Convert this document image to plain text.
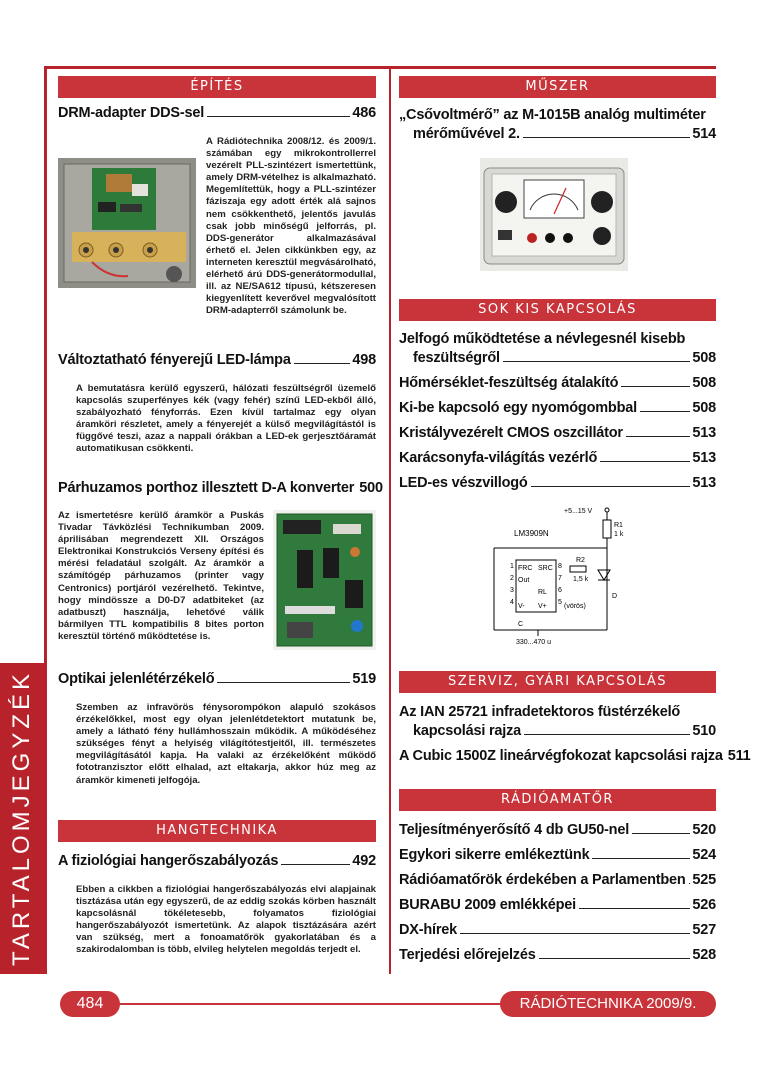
TARTALOMJEGYZÉK
ÉPÍTÉS
DRM-adapter DDS-sel	486
A Rádiótechnika 2008/12. és 2009/1. számában egy mikrokontrollerrel vezérelt PLL-szintézert ismertettünk, amely DRM-vételhez is alkalmazható. Megemlítettük, hogy a PLL-szintézer fáziszaja egy adott érték alá sajnos nem csökkenthető, jelentős javulás csak jobb minőségű jelforrás, pl. DDS-generátor alkalmazásával érhető el. Jelen cikkünkben egy, az interneten keresztül megvásárolható, elérhető árú DDS-generátormodullal, ill. az NE/SA612 típusú, kétszeresen kiegyenlített keverővel megvalósított DRM-adapterről számolunk be.
Változtatható fényerejű LED-lámpa	498
A bemutatásra kerülő egyszerű, hálózati feszültségről üzemelő kapcsolás szuperfényes kék (vagy fehér) színű LED-ekből álló, szabályozható fényforrás. Ezen kívül tartalmaz egy olyan áramköri részletet, amely a fényerejét a külső megvilágítástól is függővé teszi, azaz a nappali órákban a LED-ek gerjesztőáramát automatikusan csökkenti.
Párhuzamos porthoz illesztett D-A konverter 500
Az ismertetésre kerülő áramkör a Puskás Tivadar Távközlési Technikumban 2009. áprilisában megrendezett XII. Országos Elektronikai Konstrukciós Verseny építési és mérési feladatául szolgált. Az áramkör a számítógép párhuzamos (printer vagy Centronics) portjáról vezérelhető. Tekintve, hogy mindössze a D0-D7 adatbiteket (az adatbuszt) használja, lehetővé válik bármilyen TTL kompatibilis 8 bites porton keresztül történő működtetése is.
Optikai jelenlétérzékelő	519
Szemben az infravörös fénysorompókon alapuló szokásos érzékelőkkel, most egy olyan jelenlétdetektort mutatunk be, amely a látható fény hullámhosszain működik. A működéséhez szükséges fényt a helyiség világítótestjeitől, ill. természetes megvilágításától kapja. Ha valaki az érzékelőként működő fototranzisztor előtt elhalad, azt eltakarja, akkor húz meg az áramkör kimeneti jelfogója.
HANGTECHNIKA
A fiziológiai hangerőszabályozás	492
Ebben a cikkben a fiziológiai hangerőszabályozás elvi alapjainak tisztázása után egy egyszerű, de az eddig szokás körben használt kapcsolásnál tökéletesebb, folyamatos fiziológiai hangerőszabályozót ismertetünk. Az alapok tisztázására azért van szükség, mert a fonoamatőrök gyakorlatában és a szakirodalomban is több, elvileg helytelen megoldás terjedt el.
MŰSZER
„Csővoltmérő” az M-1015B analóg multiméter
mérőművével 2.	514
SOK KIS KAPCSOLÁS
Jelfogó működtetése a névlegesnél kisebb
feszültségről	508
Hőmérséklet-feszültség átalakító	508
Ki-be kapcsoló egy nyomógombbal	508
Kristályvezérelt CMOS oszcillátor	513
Karácsonyfa-világítás vezérlő	513
LED-es vészvillogó	513
+5...15 V
R1
1 k
LM3909N
FRC SRC
Out
RL
V- V+
1
2
3
4	5
6
7
8
R2
1,5 k
D
(vörös)
C
330...470 u
SZERVIZ, GYÁRI KAPCSOLÁS
Az IAN 25721 infradetektoros füstérzékelő
kapcsolási rajza	510
A Cubic 1500Z lineárvégfokozat kapcsolási rajza 511
RÁDIÓAMATŐR
Teljesítményerősítő 4 db GU50-nel	520
Egykori sikerre emlékeztünk	524
Rádióamatőrök érdekében a Parlamentben 525
BURABU 2009 emlékképei	526
DX-hírek	527
Terjedési előrejelzés	528
484	RÁDIÓTECHNIKA 2009/9.
